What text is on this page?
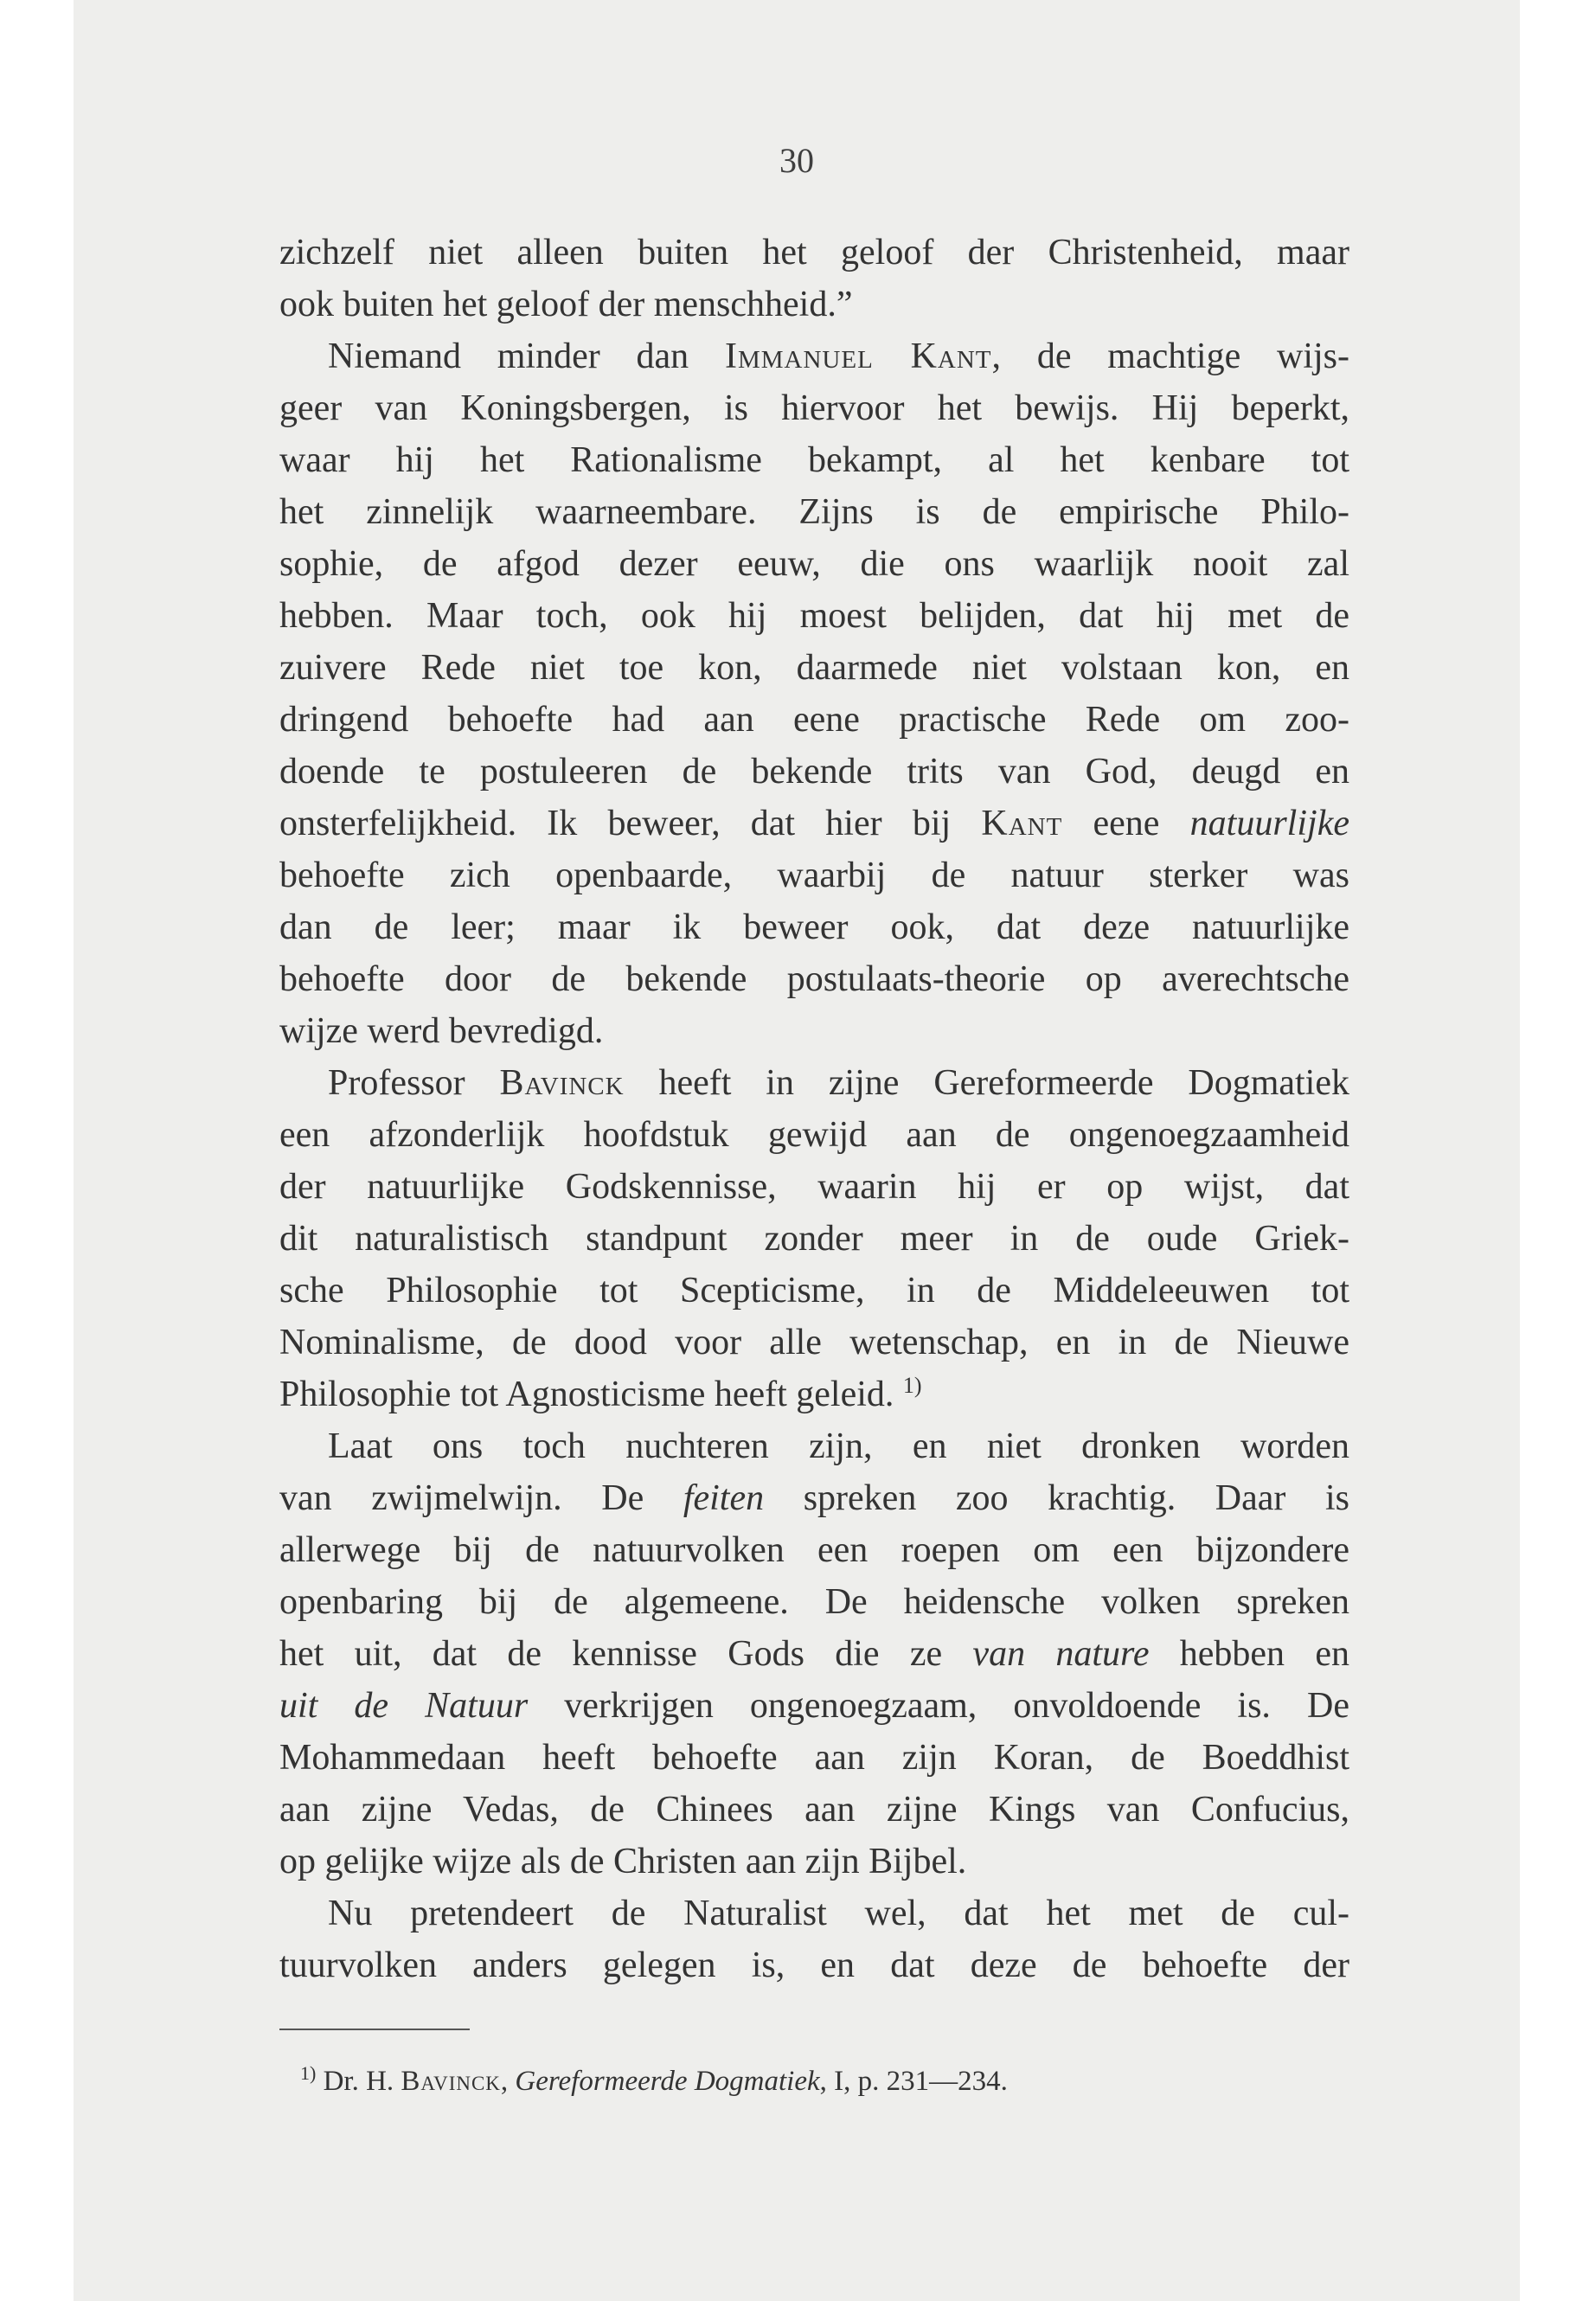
30
zichzelf niet alleen buiten het geloof der Christenheid, maar
ook buiten het geloof der menschheid.”
Niemand minder dan Immanuel Kant, de machtige wijs-
geer van Koningsbergen, is hiervoor het bewijs. Hij beperkt,
waar hij het Rationalisme bekampt, al het kenbare tot
het zinnelijk waarneembare. Zijns is de empirische Philo-
sophie, de afgod dezer eeuw, die ons waarlijk nooit zal
hebben. Maar toch, ook hij moest belijden, dat hij met de
zuivere Rede niet toe kon, daarmede niet volstaan kon, en
dringend behoefte had aan eene practische Rede om zoo-
doende te postuleeren de bekende trits van God, deugd en
onsterfelijkheid. Ik beweer, dat hier bij Kant eene natuurlijke
behoefte zich openbaarde, waarbij de natuur sterker was
dan de leer; maar ik beweer ook, dat deze natuurlijke
behoefte door de bekende postulaats-theorie op averechtsche
wijze werd bevredigd.
Professor Bavinck heeft in zijne Gereformeerde Dogmatiek
een afzonderlijk hoofdstuk gewijd aan de ongenoegzaamheid
der natuurlijke Godskennisse, waarin hij er op wijst, dat
dit naturalistisch standpunt zonder meer in de oude Griek-
sche Philosophie tot Scepticisme, in de Middeleeuwen tot
Nominalisme, de dood voor alle wetenschap, en in de Nieuwe
Philosophie tot Agnosticisme heeft geleid. $^{1)}$
Laat ons toch nuchteren zijn, en niet dronken worden
van zwijmelwijn. De feiten spreken zoo krachtig. Daar is
allerwege bij de natuurvolken een roepen om een bijzondere
openbaring bij de algemeene. De heidensche volken spreken
het uit, dat de kennisse Gods die ze van nature hebben en
uit de Natuur verkrijgen ongenoegzaam, onvoldoende is. De
Mohammedaan heeft behoefte aan zijn Koran, de Boeddhist
aan zijne Vedas, de Chinees aan zijne Kings van Confucius,
op gelijke wijze als de Christen aan zijn Bijbel.
Nu pretendeert de Naturalist wel, dat het met de cul-
tuurvolken anders gelegen is, en dat deze de behoefte der
$^{1)}$ Dr. H. Bavinck, Gereformeerde Dogmatiek, I, p. 231—234.
